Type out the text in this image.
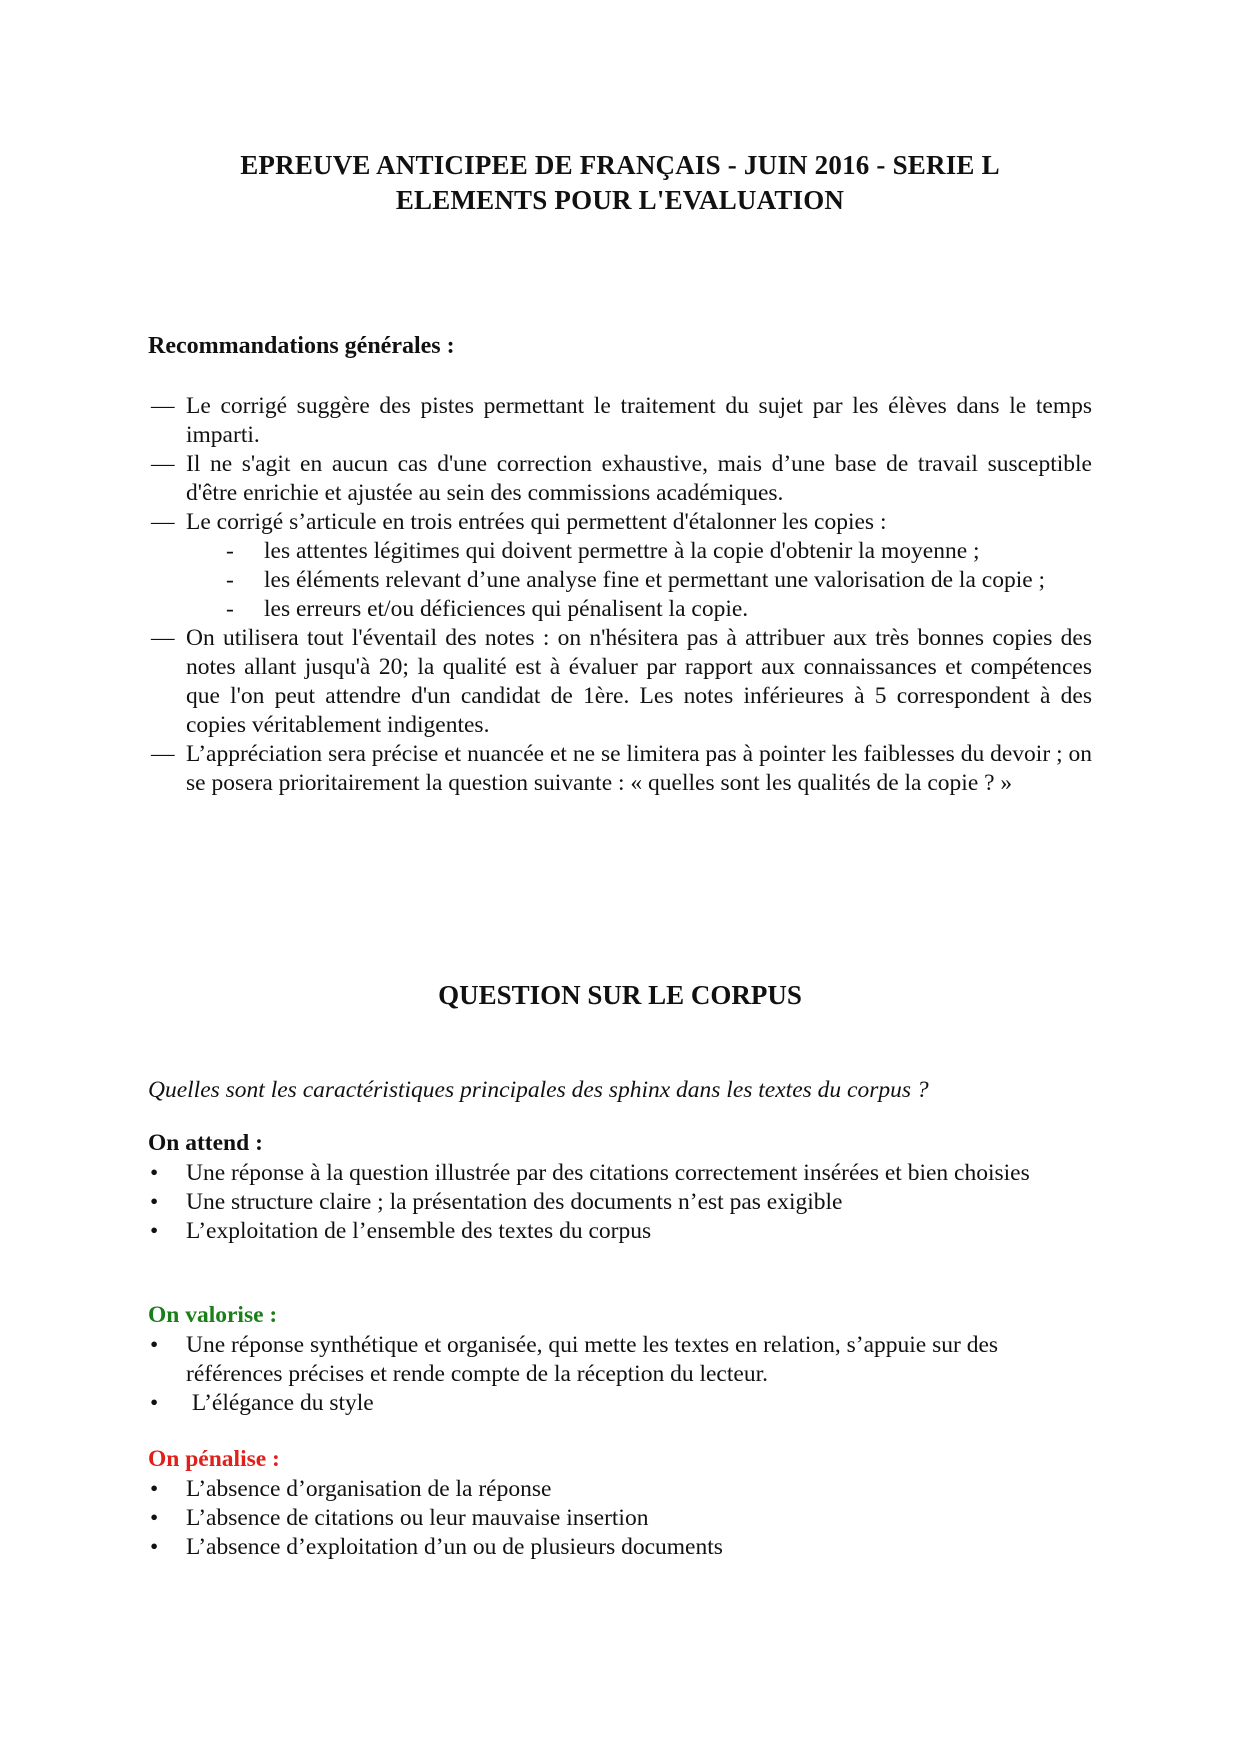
EPREUVE ANTICIPEE DE FRANÇAIS - JUIN 2016 - SERIE L
ELEMENTS POUR L'EVALUATION
Recommandations générales :
— Le corrigé suggère des pistes permettant le traitement du sujet par les élèves dans le temps imparti.
— Il ne s'agit en aucun cas d'une correction exhaustive, mais d’une base de travail susceptible d'être enrichie et ajustée au sein des commissions académiques.
— Le corrigé s’articule en trois entrées qui permettent d'étalonner les copies :
- les attentes légitimes qui doivent permettre à la copie d'obtenir la moyenne ;
- les éléments relevant d’une analyse fine et permettant une valorisation de la copie ;
- les erreurs et/ou déficiences qui pénalisent la copie.
— On utilisera tout l'éventail des notes : on n'hésitera pas à attribuer aux très bonnes copies des notes allant jusqu'à 20; la qualité est à évaluer par rapport aux connaissances et compétences que l'on peut attendre d'un candidat de 1ère. Les notes inférieures à 5 correspondent à des copies véritablement indigentes.
— L’appréciation sera précise et nuancée et ne se limitera pas à pointer les faiblesses du devoir ; on se posera prioritairement la question suivante : « quelles sont les qualités de la copie ? »
QUESTION SUR LE CORPUS
Quelles sont les caractéristiques principales des sphinx dans les textes du corpus ?
On attend :
• Une réponse à la question illustrée par des citations correctement insérées et bien choisies
• Une structure claire ; la présentation des documents n’est pas exigible
• L’exploitation de l’ensemble des textes du corpus
On valorise :
• Une réponse synthétique et organisée, qui mette les textes en relation, s’appuie sur des références précises et rende compte de la réception du lecteur.
• L’élégance du style
On pénalise :
• L’absence d’organisation de la réponse
• L’absence de citations ou leur mauvaise insertion
• L’absence d’exploitation d’un ou de plusieurs documents
